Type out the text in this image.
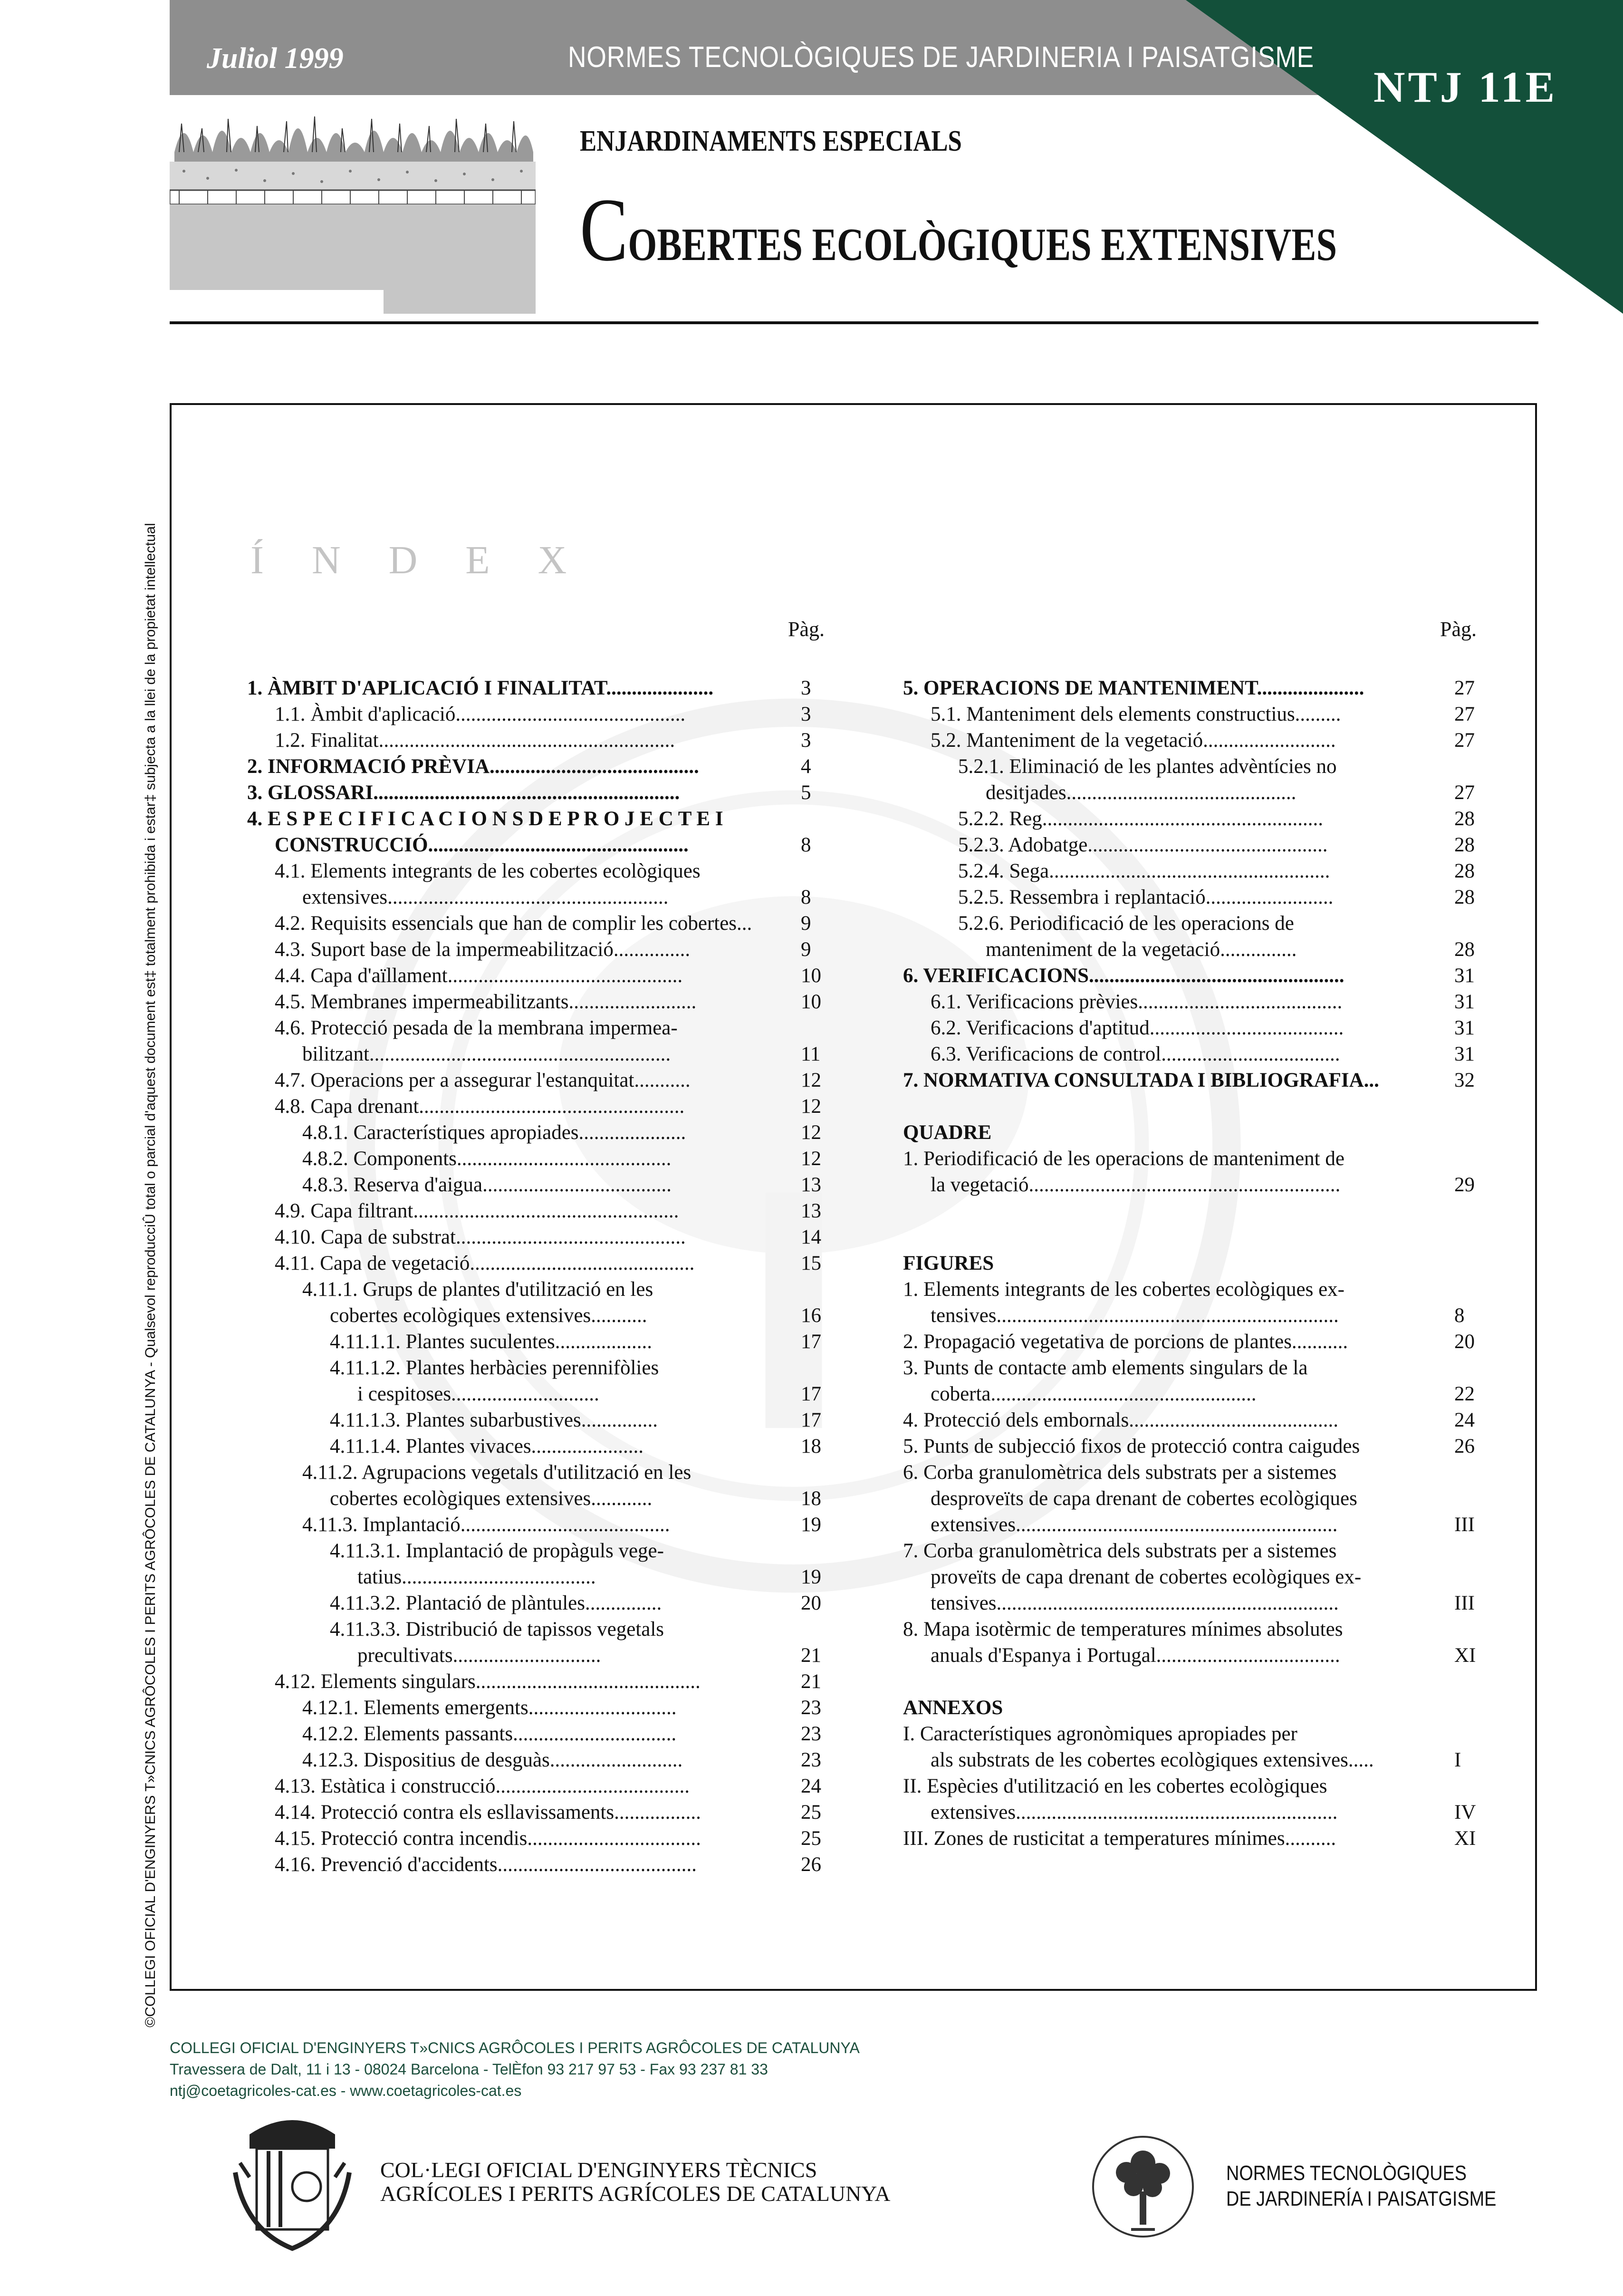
Juliol 1999	NORMES TECNOLÒGIQUES DE JARDINERIA I PAISATGISME
NTJ 11E
ENJARDINAMENTS ESPECIALS
COBERTES ECOLÒGIQUES EXTENSIVES
©COLLEGI OFICIAL D'ENGINYERS T»CNICS AGRÔCOLES I PERITS AGRÔCOLES DE CATALUNYA - Qualsevol reproducciÛ total o parcial d'aquest document est‡ totalment prohibida i estar‡ subjecta a la llei de la propietat intellectual Í N D E X
Pàg.	Pàg.
1. ÀMBIT D'APLICACIÓ I FINALITAT.....................	3
1.1. Àmbit d'aplicació.............................................	3
1.2. Finalitat..........................................................	3
2. INFORMACIÓ PRÈVIA.........................................	4
3. GLOSSARI............................................................	5
4. E S P E C I F I C A C I O N S D E P R O J E C T E I
CONSTRUCCIÓ...................................................	8
4.1. Elements integrants de les cobertes ecològiques
extensives.......................................................	8
4.2. Requisits essencials que han de complir les cobertes...	9
4.3. Suport base de la impermeabilització...............	9
4.4. Capa d'aïllament..............................................	10
4.5. Membranes impermeabilitzants.........................	10
4.6. Protecció pesada de la membrana impermea-
bilitzant...........................................................	11
4.7. Operacions per a assegurar l'estanquitat...........	12
4.8. Capa drenant....................................................	12
4.8.1. Característiques apropiades.....................	12
4.8.2. Components..........................................	12
4.8.3. Reserva d'aigua.....................................	13
4.9. Capa filtrant....................................................	13
4.10. Capa de substrat.............................................	14
4.11. Capa de vegetació............................................	15
4.11.1. Grups de plantes d'utilització en les
cobertes ecològiques extensives...........	16
4.11.1.1. Plantes suculentes...................	17
4.11.1.2. Plantes herbàcies perennifòlies
i cespitoses.............................	17
4.11.1.3. Plantes subarbustives...............	17
4.11.1.4. Plantes vivaces......................	18
4.11.2. Agrupacions vegetals d'utilització en les
cobertes ecològiques extensives............	18
4.11.3. Implantació.........................................	19
4.11.3.1. Implantació de propàguls vege-
tatius......................................	19
4.11.3.2. Plantació de plàntules...............	20
4.11.3.3. Distribució de tapissos vegetals
precultivats.............................	21
4.12. Elements singulars............................................	21
4.12.1. Elements emergents.............................	23
4.12.2. Elements passants................................	23
4.12.3. Dispositius de desguàs..........................	23
4.13. Estàtica i construcció......................................	24
4.14. Protecció contra els esllavissaments.................	25
4.15. Protecció contra incendis..................................	25
4.16. Prevenció d'accidents.......................................	26
5. OPERACIONS DE MANTENIMENT.....................	27
5.1. Manteniment dels elements constructius.........	27
5.2. Manteniment de la vegetació..........................	27
5.2.1. Eliminació de les plantes advèntícies no
desitjades.............................................	27
5.2.2. Reg.......................................................	28
5.2.3. Adobatge...............................................	28
5.2.4. Sega.......................................................	28
5.2.5. Ressembra i replantació.........................	28
5.2.6. Periodificació de les operacions de
manteniment de la vegetació...............	28
6. VERIFICACIONS..................................................	31
6.1. Verificacions prèvies........................................	31
6.2. Verificacions d'aptitud......................................	31
6.3. Verificacions de control...................................	31
7. NORMATIVA CONSULTADA I BIBLIOGRAFIA...	32
QUADRE
1. Periodificació de les operacions de manteniment de
la vegetació.............................................................	29
FIGURES
1. Elements integrants de les cobertes ecològiques ex-
tensives...................................................................	8
2. Propagació vegetativa de porcions de plantes...........	20
3. Punts de contacte amb elements singulars de la
coberta....................................................	22
4. Protecció dels embornals.........................................	24
5. Punts de subjecció fixos de protecció contra caigudes	26
6. Corba granulomètrica dels substrats per a sistemes
desproveïts de capa drenant de cobertes ecològiques
extensives...............................................................	III
7. Corba granulomètrica dels substrats per a sistemes
proveïts de capa drenant de cobertes ecològiques ex-
tensives...................................................................	III
8. Mapa isotèrmic de temperatures mínimes absolutes
anuals d'Espanya i Portugal....................................	XI
ANNEXOS
I. Característiques agronòmiques apropiades per
als substrats de les cobertes ecològiques extensives.....	I
II. Espècies d'utilització en les cobertes ecològiques
extensives...............................................................	IV
III. Zones de rusticitat a temperatures mínimes..........	XI
COLLEGI OFICIAL D'ENGINYERS T»CNICS AGRÔCOLES I PERITS AGRÔCOLES DE CATALUNYA
Travessera de Dalt, 11 i 13 - 08024 Barcelona - TelÈfon 93 217 97 53 - Fax 93 237 81 33
ntj@coetagricoles-cat.es - www.coetagricoles-cat.es
COL·LEGI OFICIAL D'ENGINYERS TÈCNICS
AGRÍCOLES I PERITS AGRÍCOLES DE CATALUNYA
NORMES TECNOLÒGIQUES
DE JARDINERÍA I PAISATGISME
